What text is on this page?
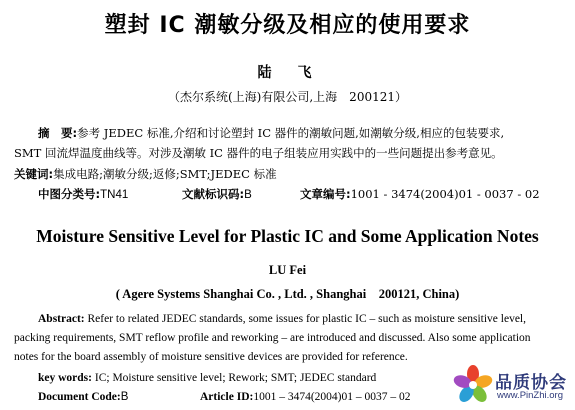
塑封 IC 潮敏分级及相应的使用要求
陆　飞
（杰尔系统(上海)有限公司,上海　200121）
摘　要:参考 JEDEC 标准,介绍和讨论塑封 IC 器件的潮敏问题,如潮敏分级,相应的包装要求,
SMT 回流焊温度曲线等。对涉及潮敏 IC 器件的电子组装应用实践中的一些问题提出参考意见。
关键词:集成电路;潮敏分级;返修;SMT;JEDEC 标准
中图分类号:TN41	文献标识码:B	文章编号:1001 - 3474(2004)01 - 0037 - 02
Moisture Sensitive Level for Plastic IC and Some Application Notes
LU Fei
( Agere Systems Shanghai Co. , Ltd. , Shanghai　200121, China)
Abstract: Refer to related JEDEC standards, some issues for plastic IC – such as moisture sensitive level,
packing requirements, SMT reflow profile and reworking – are introduced and discussed. Also some application
notes for the board assembly of moisture sensitive devices are provided for reference.
key words: IC; Moisture sensitive level; Rework; SMT; JEDEC standard
Document Code:B	Article ID:1001 – 3474(2004)01 – 0037 – 02
品质协会
www.PinZhi.org
